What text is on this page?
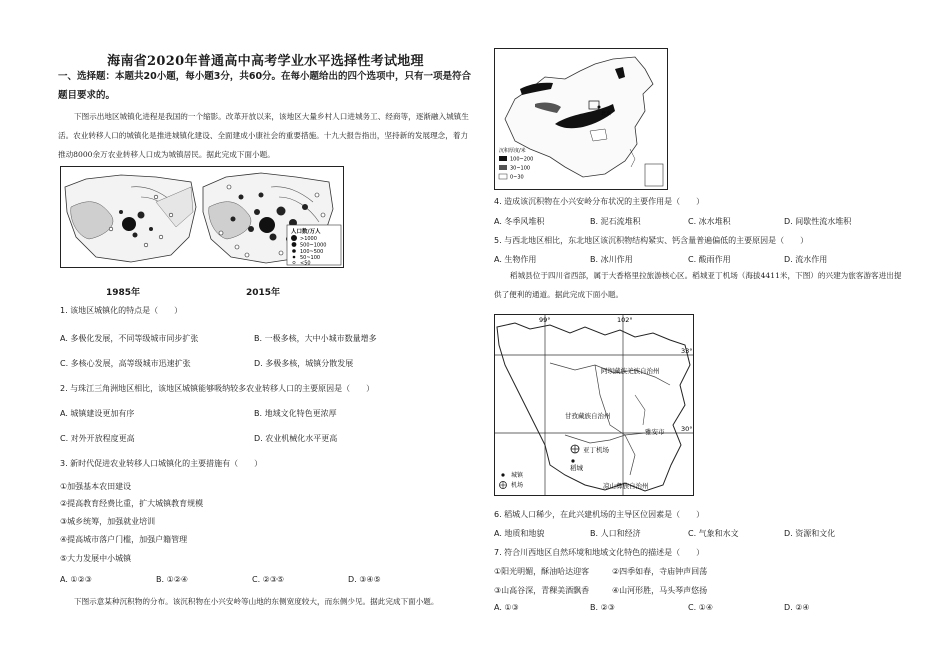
海南省2020年普通高中高考学业水平选择性考试地理
一、选择题：本题共20小题，每小题3分，共60分。在每小题给出的四个选项中，只有一项是符合题目要求的。
下图示出地区城镇化进程是我国的一个缩影。改革开放以来，该地区大量乡村人口进城务工、经商等，逐渐融入城镇生活。农业转移人口的城镇化是推进城镇化建设、全面建成小康社会的重要措施。十九大报告指出，坚持新的发展理念，着力推动8000余万农业转移人口成为城镇居民。据此完成下面小题。
人口数/万人
>1000
500~1000
100~500
50~100
<50
1985年	2015年
1. 该地区城镇化的特点是（　　）
A. 多极化发展，不同等级城市同步扩张	B. 一极多核，大中小城市数量增多
C. 多核心发展，高等级城市迅速扩张	D. 多极多核，城镇分散发展
2. 与珠江三角洲地区相比，该地区城镇能够吸纳较多农业转移人口的主要原因是（　　）
A. 城镇建设更加有序	B. 地域文化特色更浓厚
C. 对外开放程度更高	D. 农业机械化水平更高
3. 新时代促进农业转移人口城镇化的主要措施有（　　）
①加强基本农田建设
②提高教育经费比重，扩大城镇教育规模
③城乡统筹，加强就业培训
④提高城市落户门槛，加强户籍管理
⑤大力发展中小城镇
A. ①②③	B. ①②④	C. ②③⑤	D. ③④⑤
下图示意某种沉积物的分布。该沉积物在小兴安岭等山地的东侧宽度较大，而东侧少见。据此完成下面小题。
北京
沉积厚度/米
100~200
30~100
0~30
4. 造成该沉积物在小兴安岭分布状况的主要作用是（　　）
A. 冬季风堆积	B. 泥石流堆积	C. 冰水堆积	D. 间歇性流水堆积
5. 与西北地区相比，东北地区该沉积物结构紧实、钙含量普遍偏低的主要原因是（　　）
A. 生物作用	B. 冰川作用	C. 酸雨作用	D. 流水作用
稻城县位于四川省西部，属于大香格里拉旅游核心区。稻城亚丁机场（海拔4411米，下图）的兴建为旅客游客进出提供了便利的通道。据此完成下面小题。
99°	102°
33°
30°
阿坝藏族羌族自治州
甘孜藏族自治州
凉山彝族自治州
雅安市
亚丁机场
稻城
城镇
机场
6. 稻城人口稀少，在此兴建机场的主导区位因素是（　　）
A. 地质和地貌	B. 人口和经济	C. 气象和水文	D. 资源和文化
7. 符合川西地区自然环境和地域文化特色的描述是（　　）
①阳光明媚，酥油哈达迎客	②四季如春，寺庙钟声回荡
③山高谷深，青稞美酒飘香	④山河形胜，马头琴声悠扬
A. ①③	B. ②③	C. ①④	D. ②④
